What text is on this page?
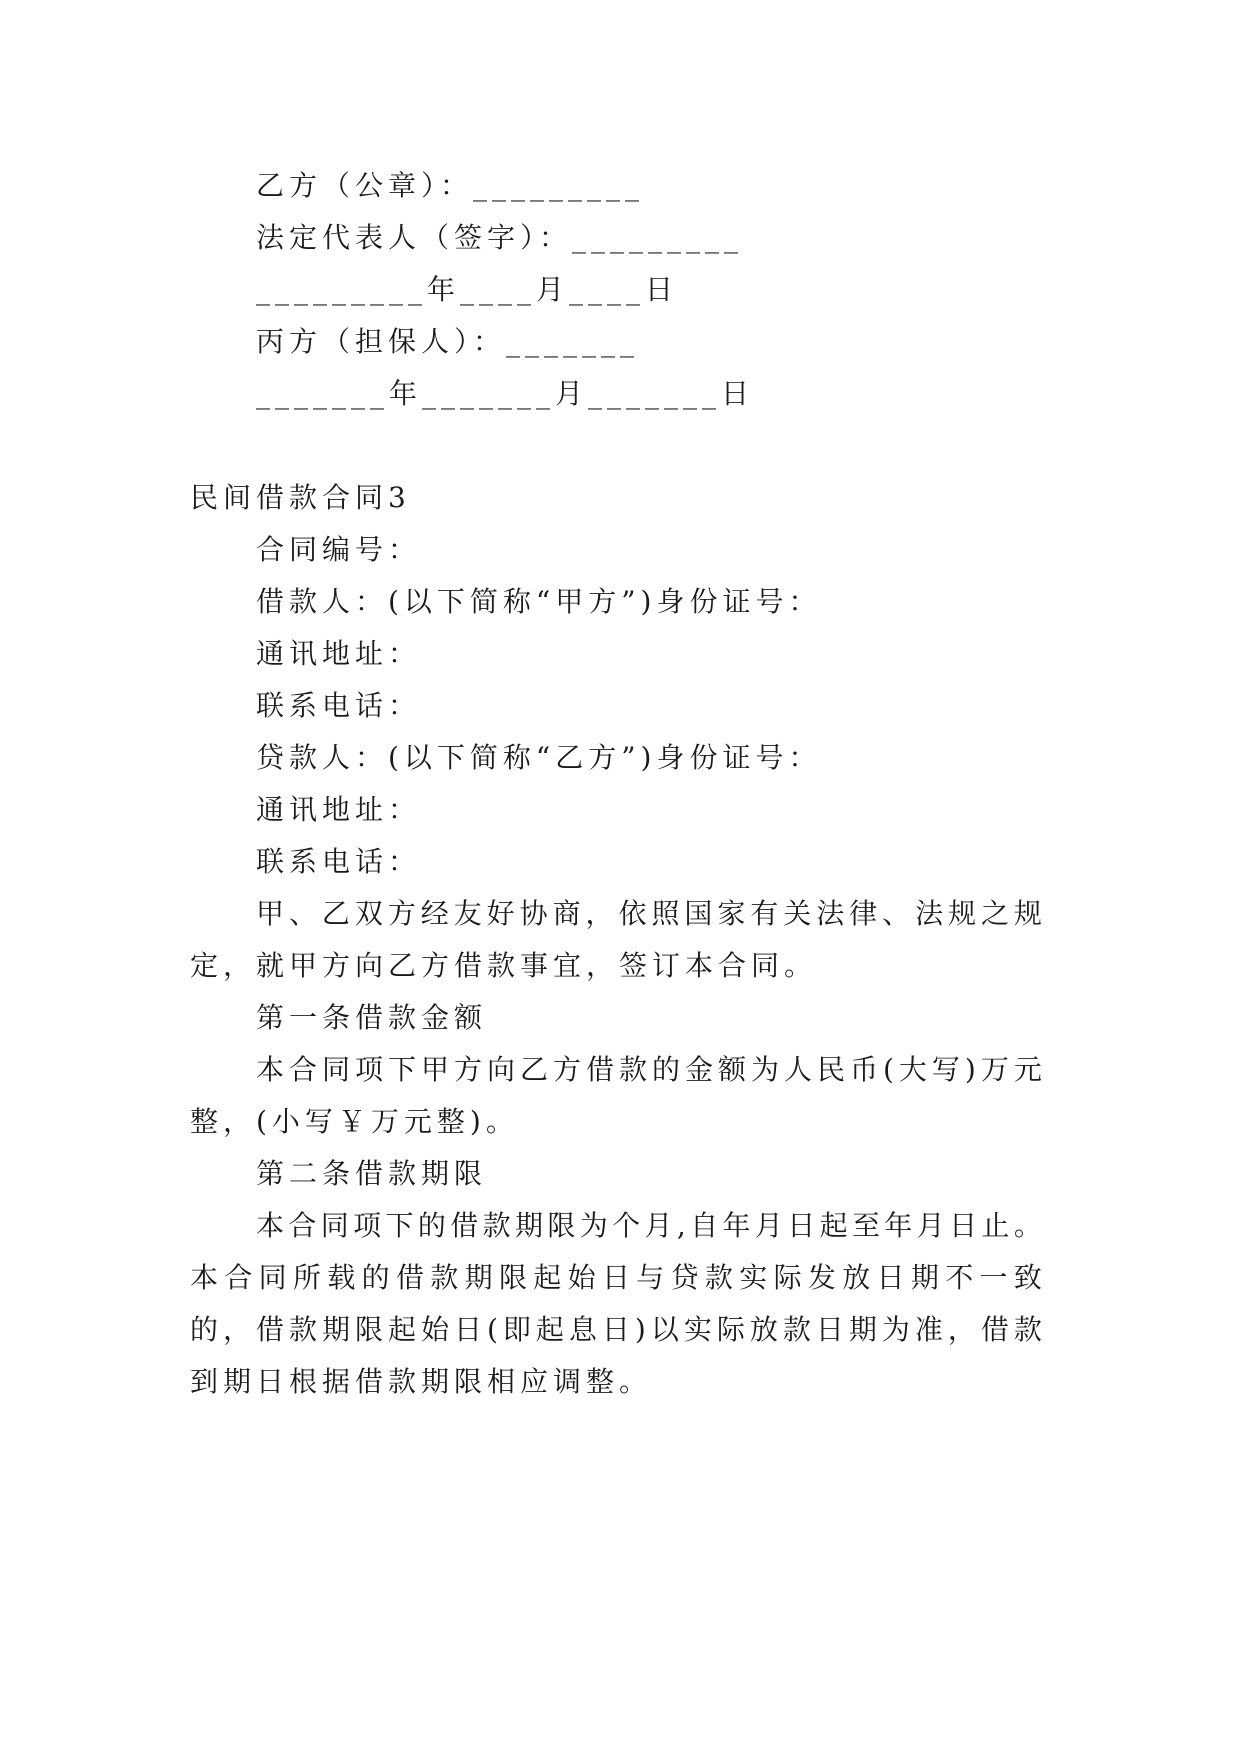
乙方（公章）：_________
法定代表人（签字）：_________
_________年____月____日
丙方（担保人）：_______
_______年_______月_______日
民间借款合同3
合同编号：
借款人：(以下简称“甲方”)身份证号：
通讯地址：
联系电话：
贷款人：(以下简称“乙方”)身份证号：
通讯地址：
联系电话：
甲 、 乙 双 方 经 友 好 协 商 ， 依 照 国 家 有 关 法 律 、 法 规 之 规
定，就甲方向乙方借款事宜，签订本合同。
第一条借款金额
本 合 同 项 下 甲 方 向 乙 方 借 款 的 金 额 为 人 民 币 ( 大 写 ) 万 元
整，(小写￥万元整)。
第二条借款期限
本 合 同 项 下 的 借 款 期 限 为 个 月 , 自 年 月 日 起 至 年 月 日 止 。
本 合 同 所 载 的 借 款 期 限 起 始 日 与 贷 款 实 际 发 放 日 期 不 一 致
的 ， 借 款 期 限 起 始 日 ( 即 起 息 日 ) 以 实 际 放 款 日 期 为 准 ， 借 款
到期日根据借款期限相应调整。
